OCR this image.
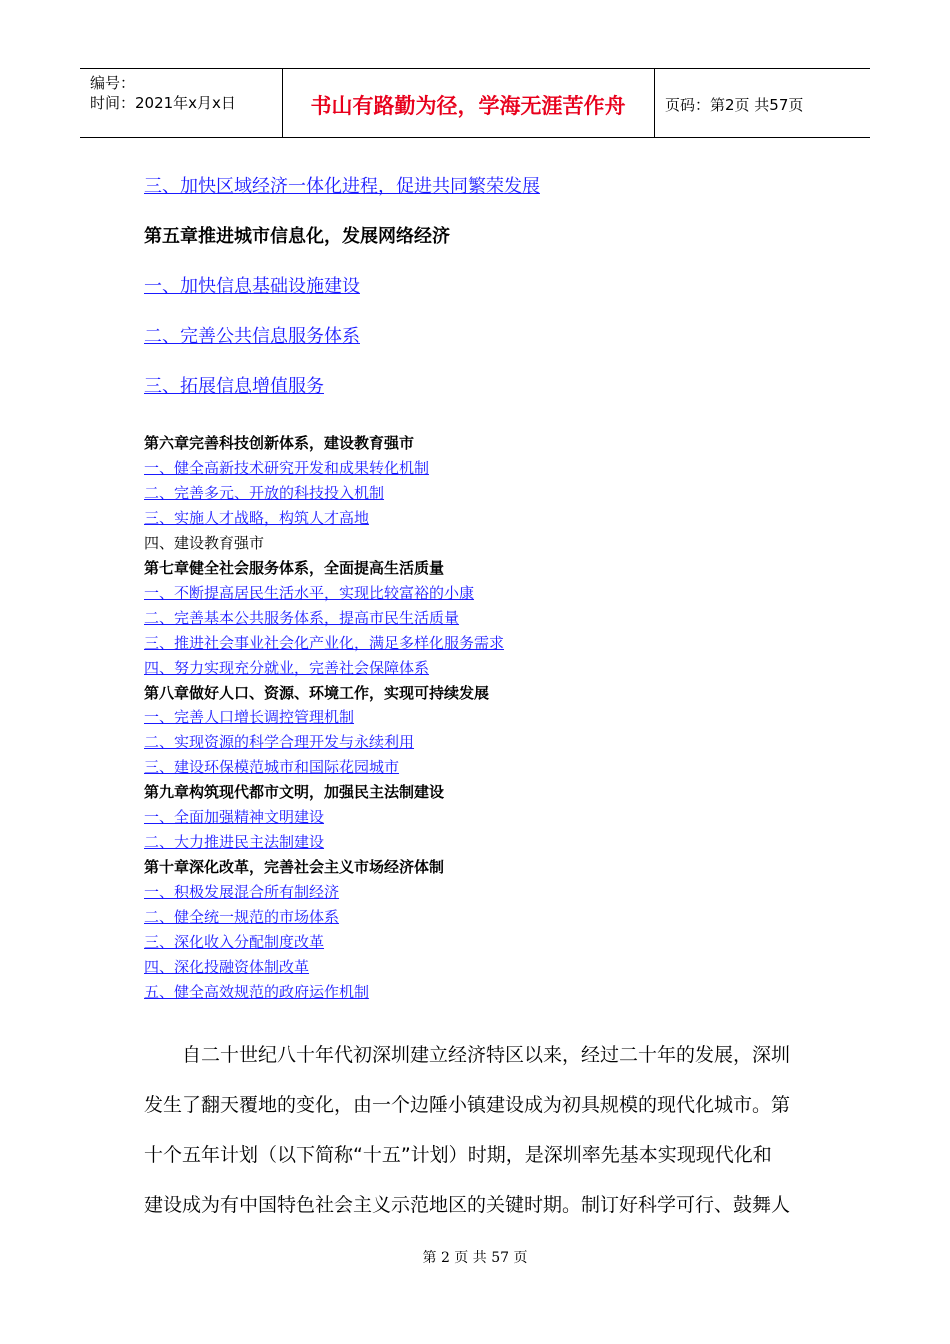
编号：
时间：2021年x月x日	书山有路勤为径，学海无涯苦作舟	页码：第2页 共57页
三、加快区域经济一体化进程，促进共同繁荣发展
第五章推进城市信息化，发展网络经济
一、加快信息基础设施建设
二、完善公共信息服务体系
三、拓展信息增值服务
第六章完善科技创新体系，建设教育强市
一、健全高新技术研究开发和成果转化机制
二、完善多元、开放的科技投入机制
三、实施人才战略，构筑人才高地
四、建设教育强市
第七章健全社会服务体系，全面提高生活质量
一、不断提高居民生活水平，实现比较富裕的小康
二、完善基本公共服务体系，提高市民生活质量
三、推进社会事业社会化产业化，满足多样化服务需求
四、努力实现充分就业，完善社会保障体系
第八章做好人口、资源、环境工作，实现可持续发展
一、完善人口增长调控管理机制
二、实现资源的科学合理开发与永续利用
三、建设环保模范城市和国际花园城市
第九章构筑现代都市文明，加强民主法制建设
一、全面加强精神文明建设
二、大力推进民主法制建设
第十章深化改革，完善社会主义市场经济体制
一、积极发展混合所有制经济
二、健全统一规范的市场体系
三、深化收入分配制度改革
四、深化投融资体制改革
五、健全高效规范的政府运作机制
自二十世纪八十年代初深圳建立经济特区以来，经过二十年的发展，深圳
发生了翻天覆地的变化，由一个边陲小镇建设成为初具规模的现代化城市。第
十个五年计划（以下简称“十五”计划）时期，是深圳率先基本实现现代化和
建设成为有中国特色社会主义示范地区的关键时期。制订好科学可行、鼓舞人
第 2 页 共 57 页
